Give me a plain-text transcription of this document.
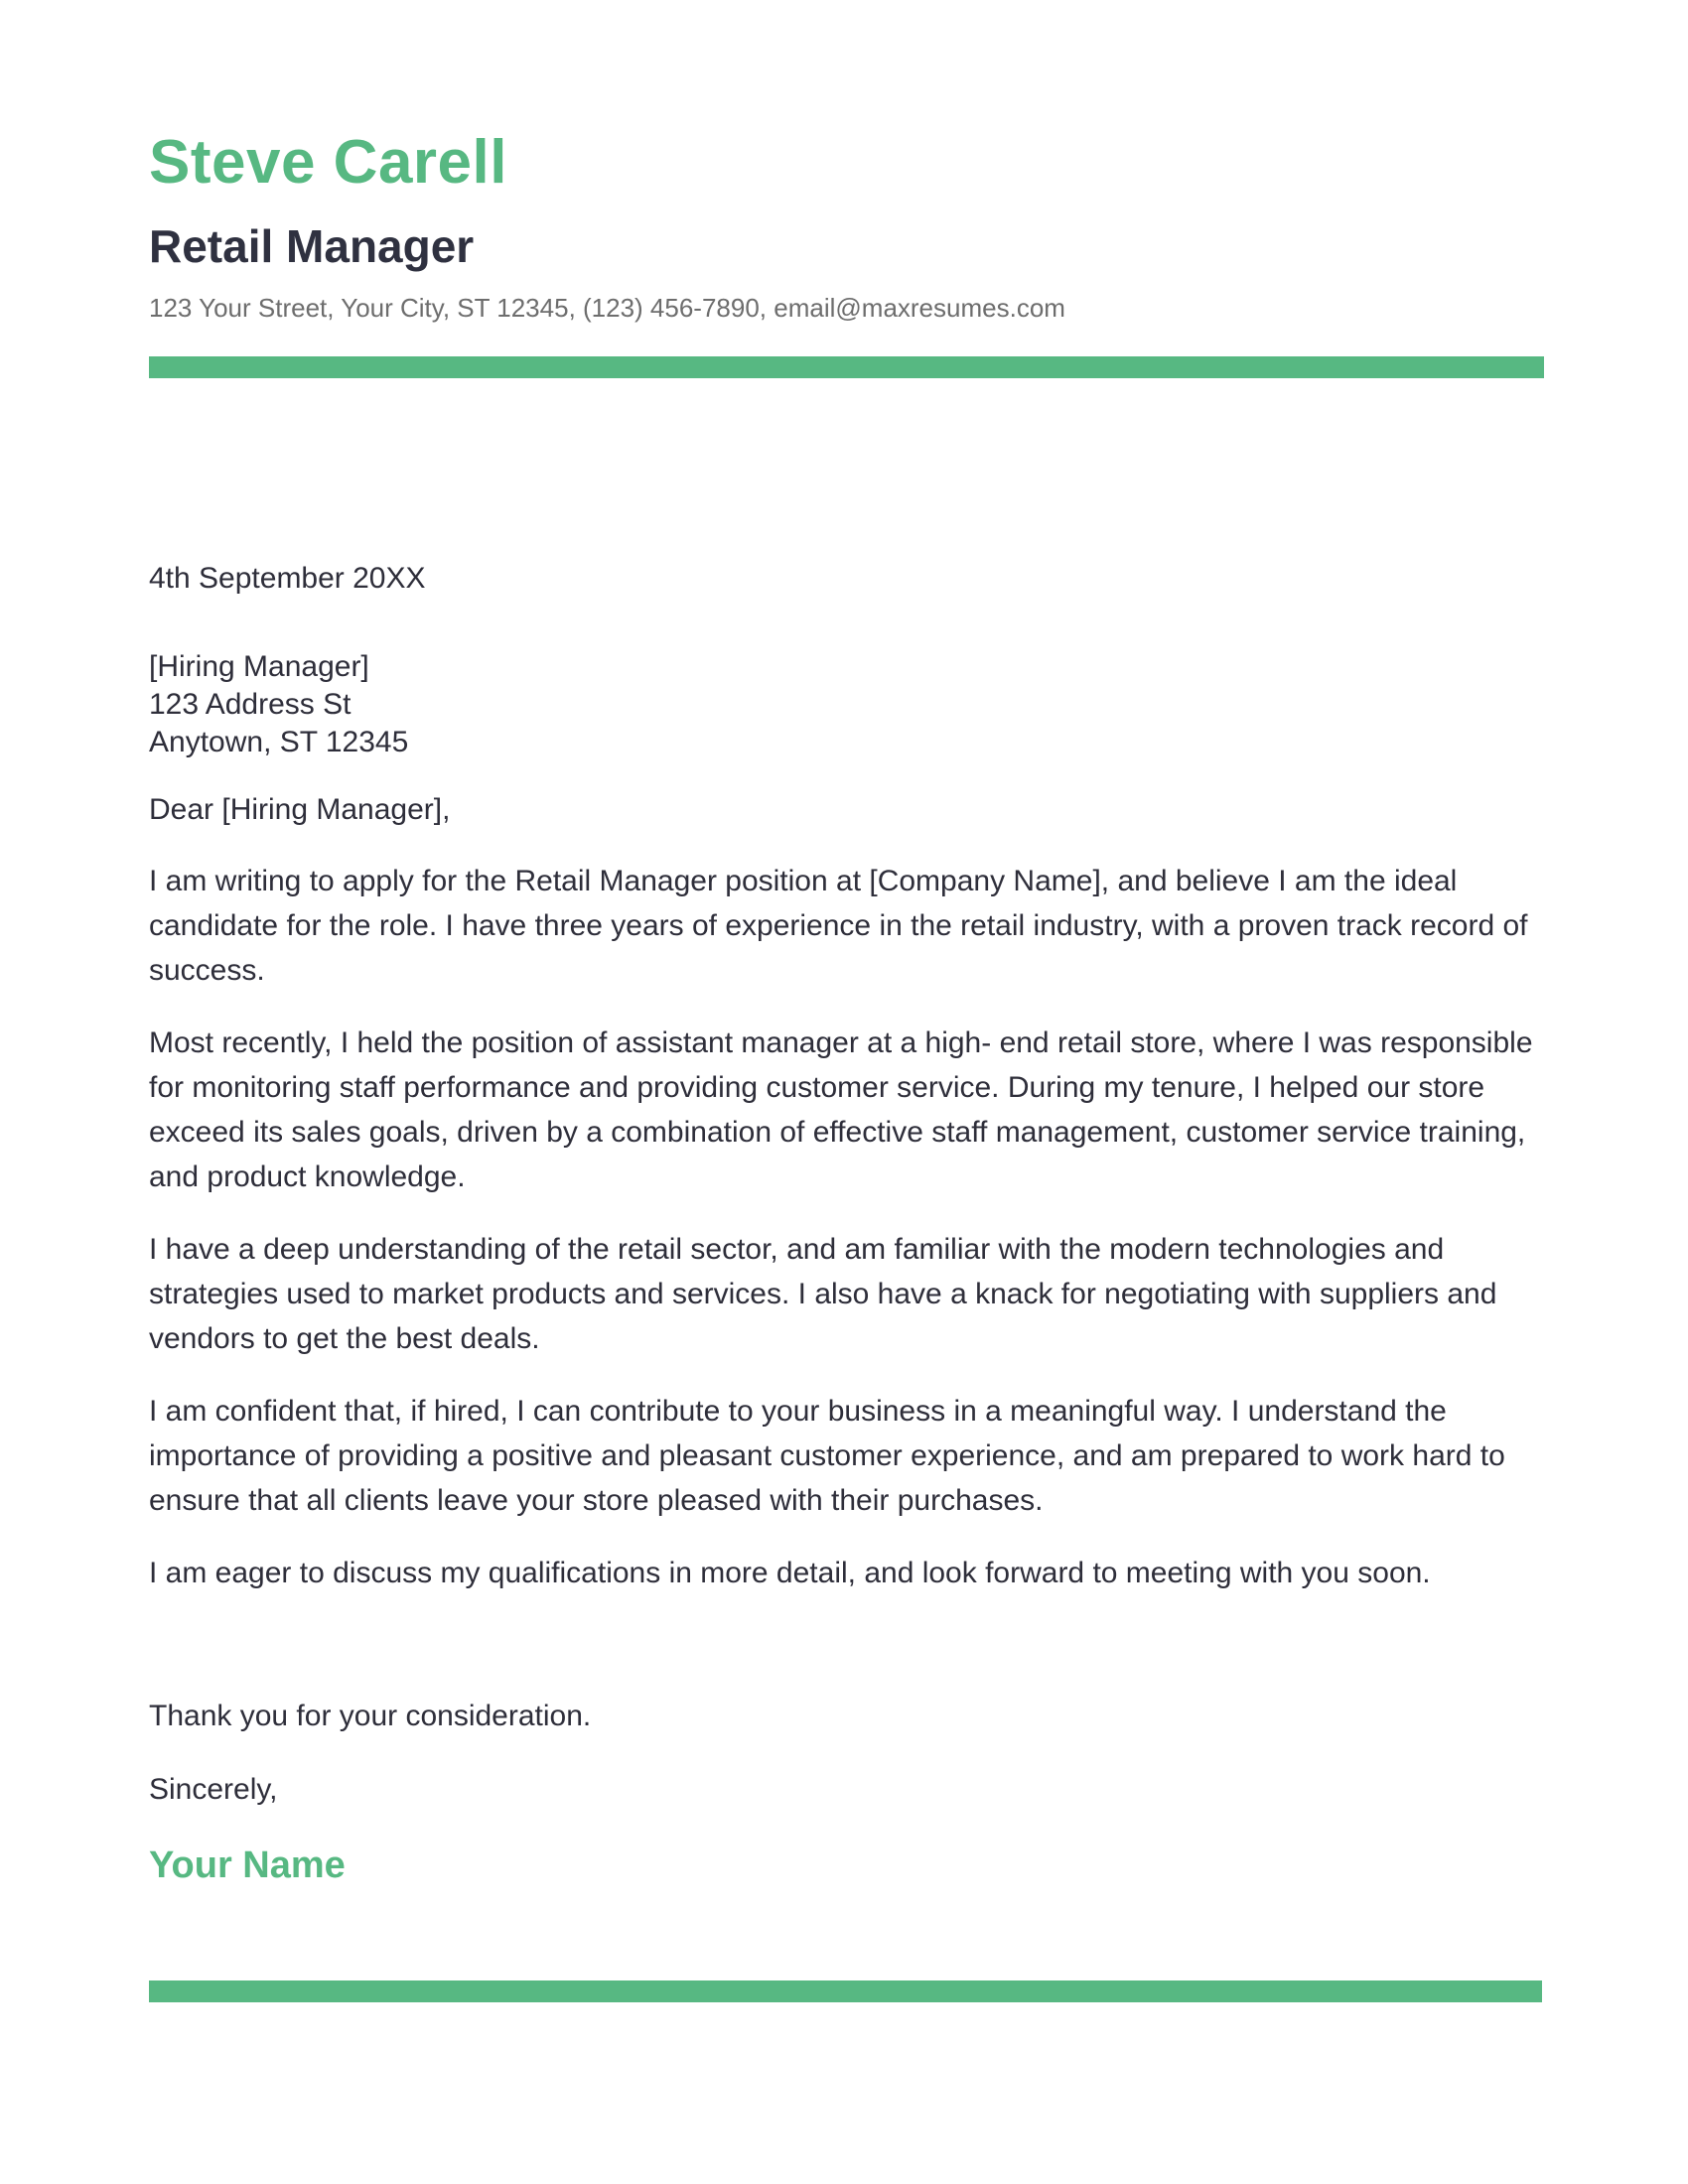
Steve Carell
Retail Manager
123 Your Street, Your City, ST 12345, (123) 456-7890, email@maxresumes.com
4th September 20XX
[Hiring Manager]
123 Address St
Anytown, ST 12345
Dear [Hiring Manager],

I am writing to apply for the Retail Manager position at [Company Name], and believe I am the ideal candidate for the role. I have three years of experience in the retail industry, with a proven track record of success.

Most recently, I held the position of assistant manager at a high- end retail store, where I was responsible for monitoring staff performance and providing customer service. During my tenure, I helped our store exceed its sales goals, driven by a combination of effective staff management, customer service training, and product knowledge.

I have a deep understanding of the retail sector, and am familiar with the modern technologies and strategies used to market products and services. I also have a knack for negotiating with suppliers and vendors to get the best deals.

I am confident that, if hired, I can contribute to your business in a meaningful way. I understand the importance of providing a positive and pleasant customer experience, and am prepared to work hard to ensure that all clients leave your store pleased with their purchases.

I am eager to discuss my qualifications in more detail, and look forward to meeting with you soon.

Thank you for your consideration.
Sincerely,
Your Name
